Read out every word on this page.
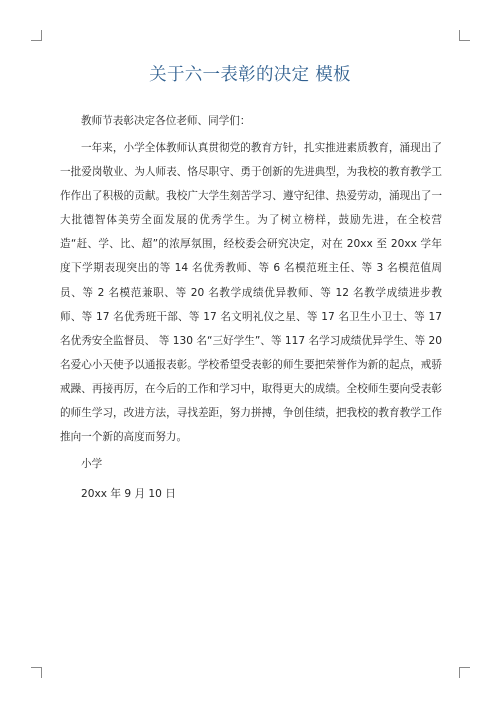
关于六一表彰的决定 模板

教师节表彰决定各位老师、同学们：

一年来，小学全体教师认真贯彻党的教育方针，扎实推进素质教育，涌现出了一批爱岗敬业、为人师表、恪尽职守、勇于创新的先进典型，为我校的教育教学工作作出了积极的贡献。我校广大学生刻苦学习、遵守纪律、热爱劳动，涌现出了一大批德智体美劳全面发展的优秀学生。为了树立榜样，鼓励先进，在全校营造“赶、学、比、超”的浓厚氛围，经校委会研究决定，对在 20xx 至 20xx 学年度下学期表现突出的等 14 名优秀教师、等 6 名模范班主任、等 3 名模范值周员、等 2 名模范兼职、等 20 名教学成绩优异教师、等 12 名教学成绩进步教师、等 17 名优秀班干部、等 17 名文明礼仪之星、等 17 名卫生小卫士、等 17 名优秀安全监督员、 等 130 名“三好学生”、等 117 名学习成绩优异学生、等 20 名爱心小天使予以通报表彰。学校希望受表彰的师生要把荣誉作为新的起点，戒骄戒躁、再接再厉，在今后的工作和学习中，取得更大的成绩。全校师生要向受表彰的师生学习，改进方法，寻找差距，努力拼搏，争创佳绩，把我校的教育教学工作推向一个新的高度而努力。

小学

20xx 年 9 月 10 日
